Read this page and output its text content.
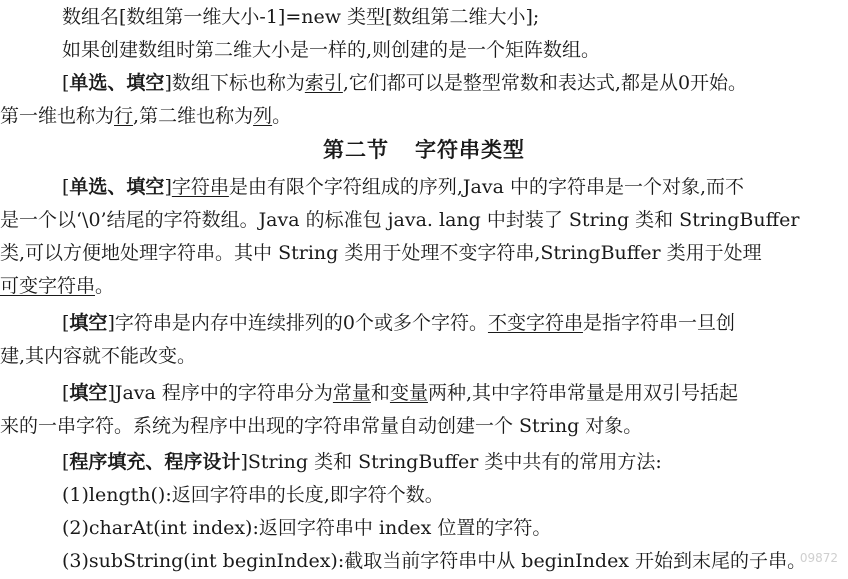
数组名[数组第一维大小-1]=new 类型[数组第二维大小];
如果创建数组时第二维大小是一样的,则创建的是一个矩阵数组。
[单选、填空]数组下标也称为索引,它们都可以是整型常数和表达式,都是从0开始。
第一维也称为行,第二维也称为列。
第二节 字符串类型
[单选、填空]字符串是由有限个字符组成的序列,Java 中的字符串是一个对象,而不
是一个以‘\0’结尾的字符数组。Java 的标准包 java. lang 中封装了 String 类和 StringBuffer
类,可以方便地处理字符串。其中 String 类用于处理不变字符串,StringBuffer 类用于处理
可变字符串。
[填空]字符串是内存中连续排列的0个或多个字符。不变字符串是指字符串一旦创
建,其内容就不能改变。
[填空]Java 程序中的字符串分为常量和变量两种,其中字符串常量是用双引号括起
来的一串字符。系统为程序中出现的字符串常量自动创建一个 String 对象。
[程序填充、程序设计]String 类和 StringBuffer 类中共有的常用方法:
(1)length():返回字符串的长度,即字符个数。
(2)charAt(int index):返回字符串中 index 位置的字符。
(3)subString(int beginIndex):截取当前字符串中从 beginIndex 开始到末尾的子串。
09872
